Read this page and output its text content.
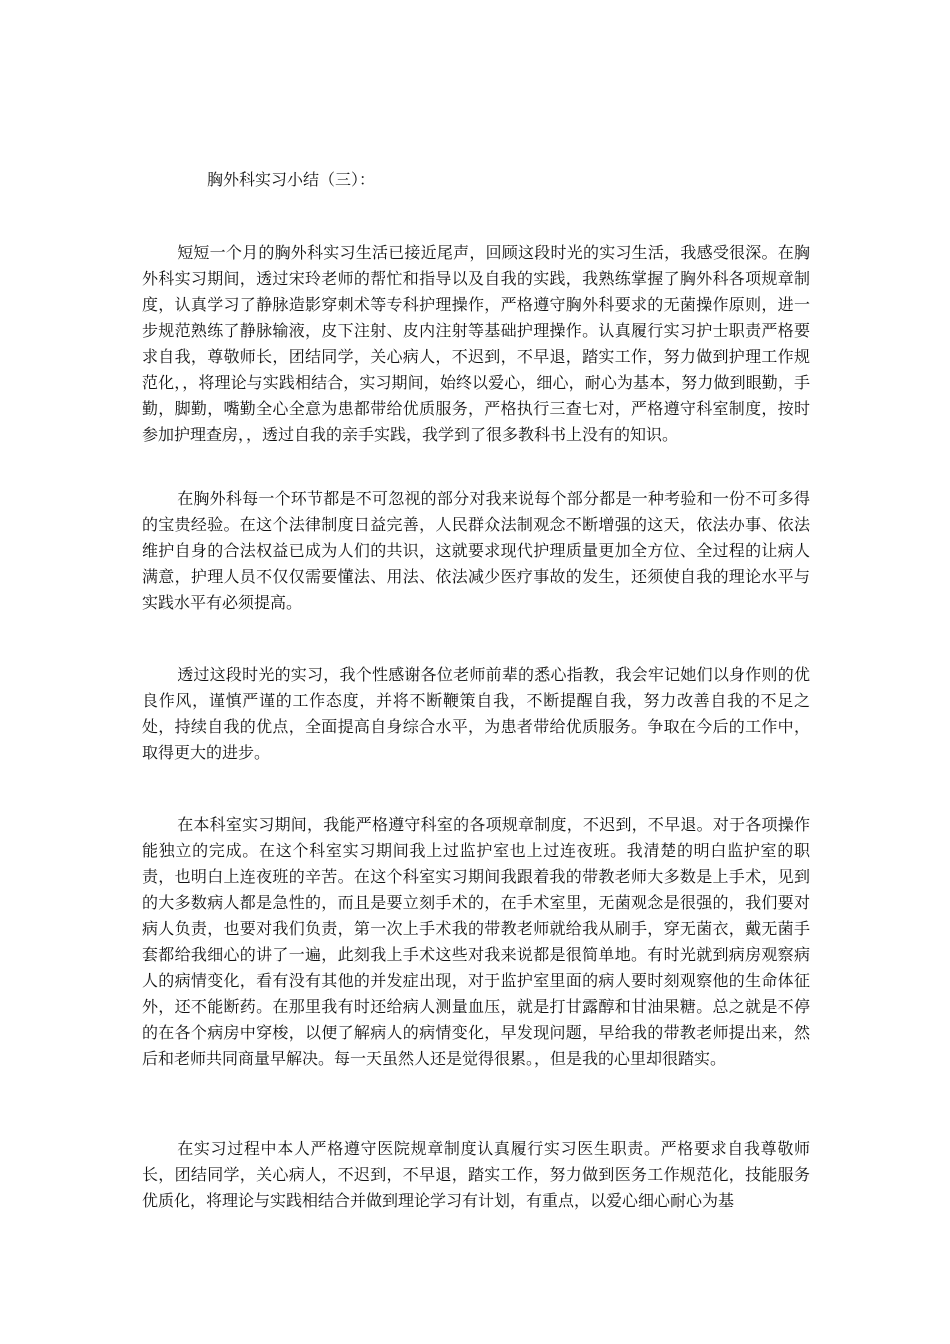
胸外科实习小结（三）：

短短一个月的胸外科实习生活已接近尾声，回顾这段时光的实习生活，我感受很深。在胸外科实习期间，透过宋玲老师的帮忙和指导以及自我的实践，我熟练掌握了胸外科各项规章制度，认真学习了静脉造影穿刺术等专科护理操作，严格遵守胸外科要求的无菌操作原则，进一步规范熟练了静脉输液，皮下注射、皮内注射等基础护理操作。认真履行实习护士职责严格要求自我，尊敬师长，团结同学，关心病人，不迟到，不早退，踏实工作，努力做到护理工作规范化，，将理论与实践相结合，实习期间，始终以爱心，细心，耐心为基本，努力做到眼勤，手勤，脚勤，嘴勤全心全意为患都带给优质服务，严格执行三查七对，严格遵守科室制度，按时参加护理查房，，透过自我的亲手实践，我学到了很多教科书上没有的知识。

在胸外科每一个环节都是不可忽视的部分对我来说每个部分都是一种考验和一份不可多得的宝贵经验。在这个法律制度日益完善，人民群众法制观念不断增强的这天，依法办事、依法维护自身的合法权益已成为人们的共识，这就要求现代护理质量更加全方位、全过程的让病人满意，护理人员不仅仅需要懂法、用法、依法减少医疗事故的发生，还须使自我的理论水平与实践水平有必须提高。

透过这段时光的实习，我个性感谢各位老师前辈的悉心指教，我会牢记她们以身作则的优良作风，谨慎严谨的工作态度，并将不断鞭策自我，不断提醒自我，努力改善自我的不足之处，持续自我的优点，全面提高自身综合水平，为患者带给优质服务。争取在今后的工作中，取得更大的进步。

在本科室实习期间，我能严格遵守科室的各项规章制度，不迟到，不早退。对于各项操作能独立的完成。在这个科室实习期间我上过监护室也上过连夜班。我清楚的明白监护室的职责，也明白上连夜班的辛苦。在这个科室实习期间我跟着我的带教老师大多数是上手术，见到的大多数病人都是急性的，而且是要立刻手术的，在手术室里，无菌观念是很强的，我们要对病人负责，也要对我们负责，第一次上手术我的带教老师就给我从刷手，穿无菌衣，戴无菌手套都给我细心的讲了一遍，此刻我上手术这些对我来说都是很简单地。有时光就到病房观察病人的病情变化，看有没有其他的并发症出现，对于监护室里面的病人要时刻观察他的生命体征外，还不能断药。在那里我有时还给病人测量血压，就是打甘露醇和甘油果糖。总之就是不停的在各个病房中穿梭，以便了解病人的病情变化，早发现问题，早给我的带教老师提出来，然后和老师共同商量早解决。每一天虽然人还是觉得很累。，但是我的心里却很踏实。

在实习过程中本人严格遵守医院规章制度认真履行实习医生职责。严格要求自我尊敬师长，团结同学，关心病人，不迟到，不早退，踏实工作，努力做到医务工作规范化，技能服务优质化，将理论与实践相结合并做到理论学习有计划，有重点，以爱心细心耐心为基
